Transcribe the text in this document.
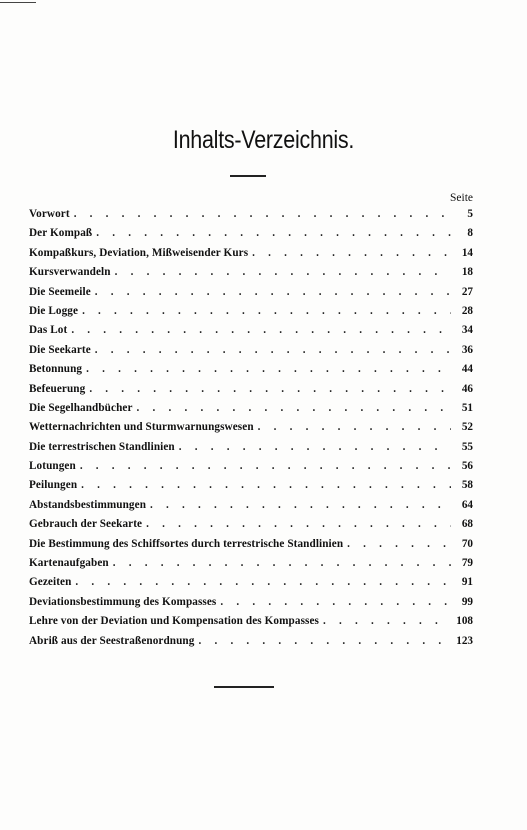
Inhalts-Verzeichnis.
Seite
Vorwort . . .	5
Der Kompaß . . .	8
Kompaßkurs, Deviation, Mißweisender Kurs . . .	14
Kursverwandeln . . .	18
Die Seemeile . . .	27
Die Logge . . .	28
Das Lot . . .	34
Die Seekarte . . .	36
Betonnung . . .	44
Befeuerung . . .	46
Die Segelhandbücher . . .	51
Wetternachrichten und Sturmwarnungswesen . . .	52
Die terrestrischen Standlinien . . .	55
Lotungen . . .	56
Peilungen . . .	58
Abstandsbestimmungen . . .	64
Gebrauch der Seekarte . . .	68
Die Bestimmung des Schiffsortes durch terrestrische Standlinien . . .	70
Kartenaufgaben . . .	79
Gezeiten . . .	91
Deviationsbestimmung des Kompasses . . .	99
Lehre von der Deviation und Kompensation des Kompasses . . .	108
Abriß aus der Seestraßenordnung . . .	123
